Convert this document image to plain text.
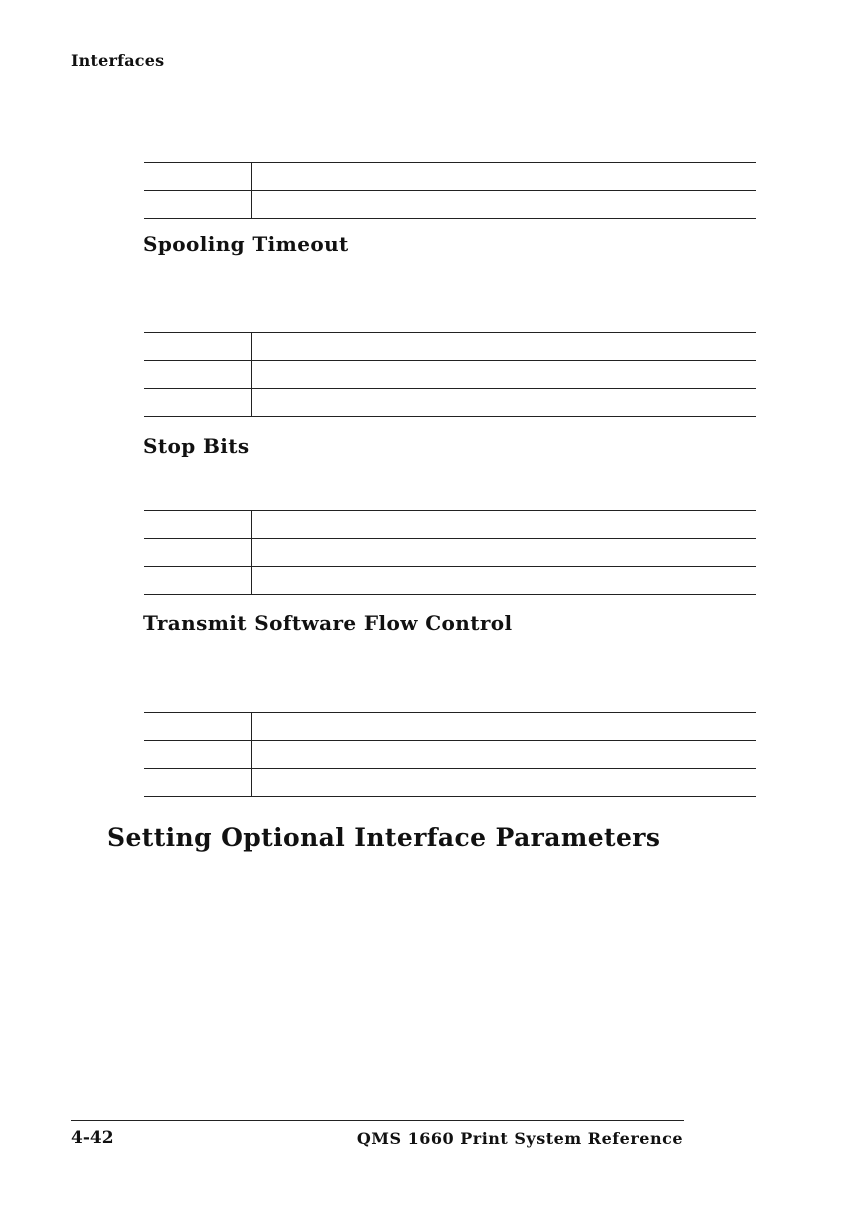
Interfaces
Spooling Timeout
Stop Bits
Transmit Software Flow Control
Setting Optional Interface Parameters
4-42	QMS 1660 Print System Reference
